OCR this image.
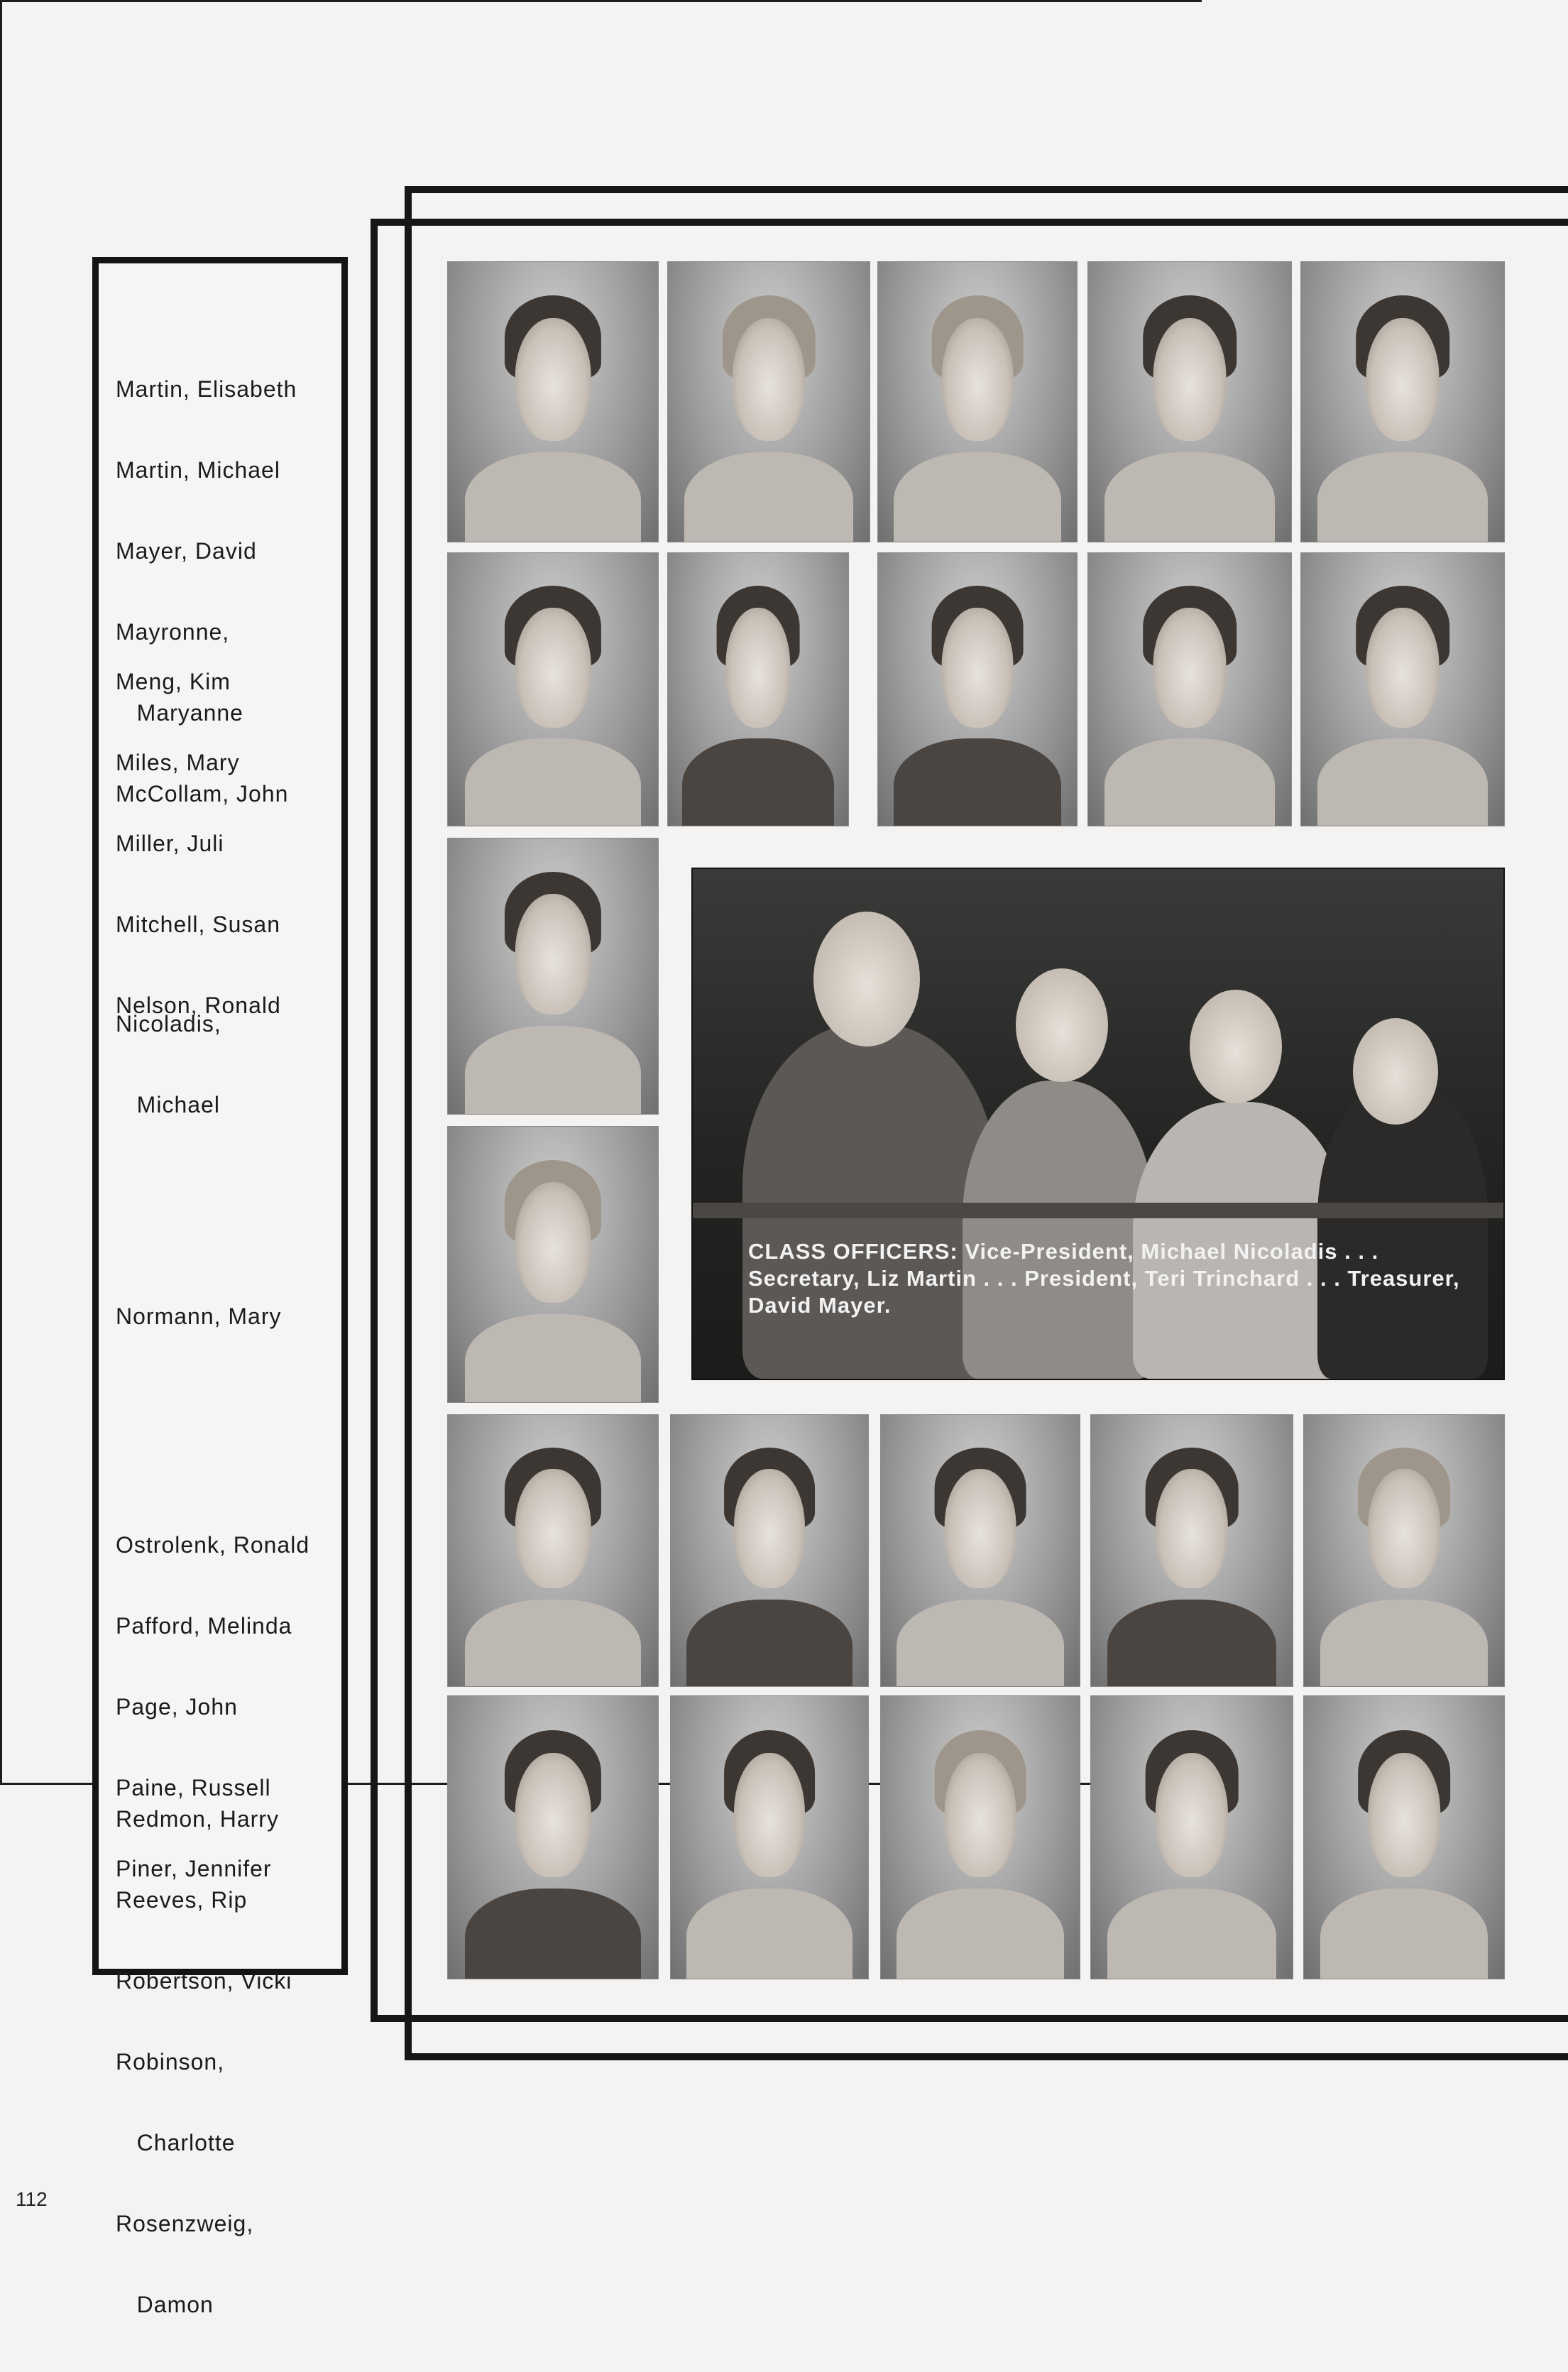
Martin, Elisabeth

Martin, Michael

Mayer, David

Mayronne,

Maryanne

McCollam, John

Meng, Kim

Miles, Mary

Miller, Juli

Mitchell, Susan

Nelson, Ronald

Nicoladis,

Michael

Normann, Mary

Ostrolenk, Ronald

Pafford, Melinda

Page, John

Paine, Russell

Piner, Jennifer

Redmon, Harry

Reeves, Rip

Robertson, Vicki

Robinson,

Charlotte

Rosenzweig,

Damon

CLASS OFFICERS: Vice-President, Michael Nicoladis . . . Secretary, Liz Martin . . . President, Teri Trinchard . . . Treasurer, David Mayer.
112
